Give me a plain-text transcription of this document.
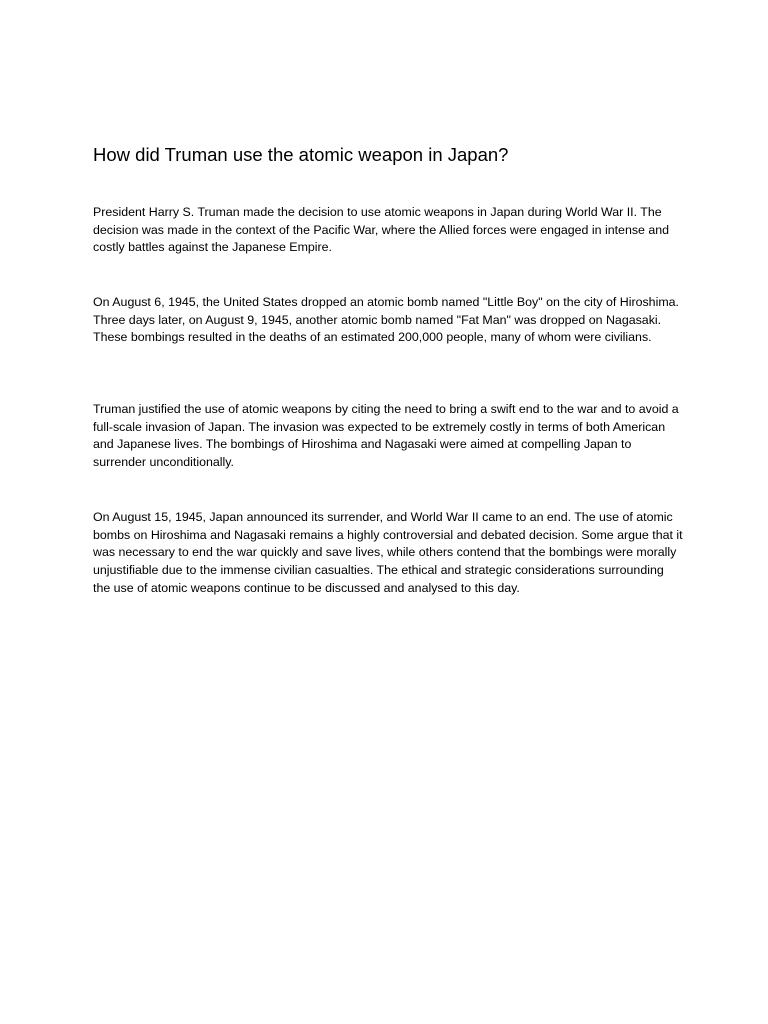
How did Truman use the atomic weapon in Japan?

President Harry S. Truman made the decision to use atomic weapons in Japan during World War II. The decision was made in the context of the Pacific War, where the Allied forces were engaged in intense and costly battles against the Japanese Empire.

On August 6, 1945, the United States dropped an atomic bomb named "Little Boy" on the city of Hiroshima. Three days later, on August 9, 1945, another atomic bomb named "Fat Man" was dropped on Nagasaki. These bombings resulted in the deaths of an estimated 200,000 people, many of whom were civilians.

Truman justified the use of atomic weapons by citing the need to bring a swift end to the war and to avoid a full-scale invasion of Japan. The invasion was expected to be extremely costly in terms of both American and Japanese lives. The bombings of Hiroshima and Nagasaki were aimed at compelling Japan to surrender unconditionally.

On August 15, 1945, Japan announced its surrender, and World War II came to an end. The use of atomic bombs on Hiroshima and Nagasaki remains a highly controversial and debated decision. Some argue that it was necessary to end the war quickly and save lives, while others contend that the bombings were morally unjustifiable due to the immense civilian casualties. The ethical and strategic considerations surrounding the use of atomic weapons continue to be discussed and analysed to this day.
